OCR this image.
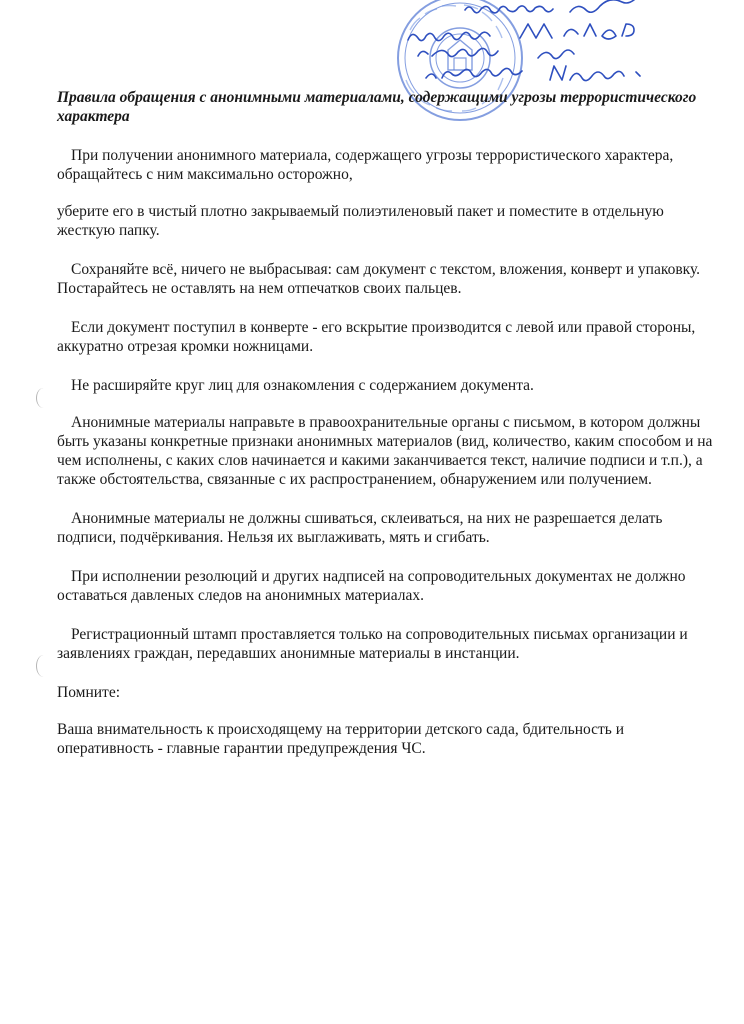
Правила обращения с анонимными материалами, содержащими угрозы террористического характера

При получении анонимного материала, содержащего угрозы террористического характера, обращайтесь с ним максимально осторожно,

уберите его в чистый плотно закрываемый полиэтиленовый пакет и поместите в отдельную жесткую папку.

Сохраняйте всё, ничего не выбрасывая: сам документ с текстом, вложения, конверт и упаковку. Постарайтесь не оставлять на нем отпечатков своих пальцев.

Если документ поступил в конверте - его вскрытие производится с левой или правой стороны, аккуратно отрезая кромки ножницами.

Не расширяйте круг лиц для ознакомления с содержанием документа.

Анонимные материалы направьте в правоохранительные органы с письмом, в котором должны быть указаны конкретные признаки анонимных материалов (вид, количество, каким способом и на чем исполнены, с каких слов начинается и какими заканчивается текст, наличие подписи и т.п.), а также обстоятельства, связанные с их распространением, обнаружением или получением.

Анонимные материалы не должны сшиваться, склеиваться, на них не разрешается делать подписи, подчёркивания. Нельзя их выглаживать, мять и сгибать.

При исполнении резолюций и других надписей на сопроводительных документах не должно оставаться давленых следов на анонимных материалах.

Регистрационный штамп проставляется только на сопроводительных письмах организации и заявлениях граждан, передавших анонимные материалы в инстанции.

Помните:

Ваша внимательность к происходящему на территории детского сада, бдительность и оперативность - главные гарантии предупреждения ЧС.
